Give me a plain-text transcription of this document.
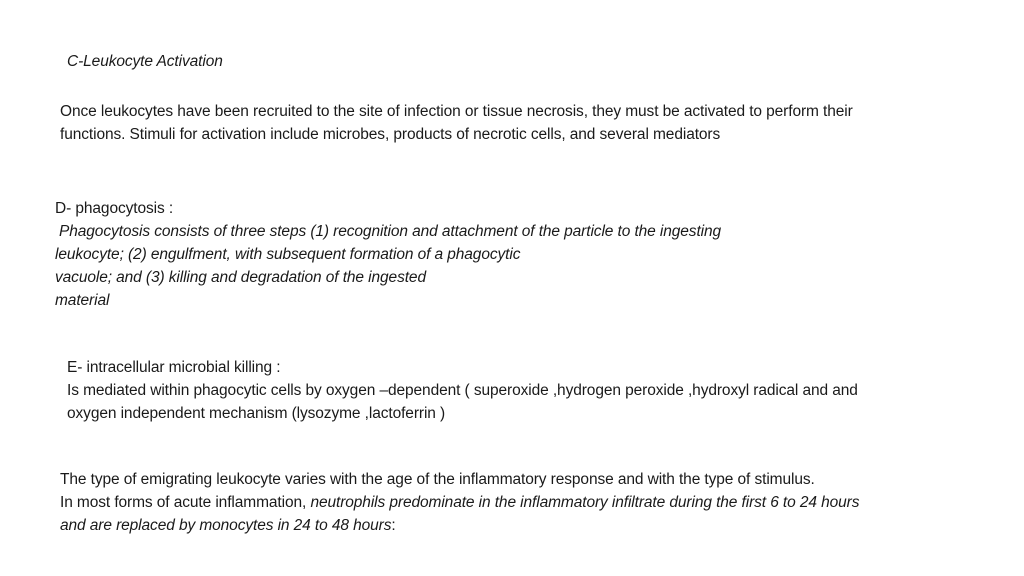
C-Leukocyte Activation
Once leukocytes have been recruited to the site of infection or tissue necrosis, they must be activated to perform their
functions. Stimuli for activation include microbes, products of necrotic cells, and several mediators
D- phagocytosis :
Phagocytosis consists of three steps (1) recognition and attachment of the particle to the ingesting
leukocyte; (2) engulfment, with subsequent formation of a phagocytic
vacuole; and (3) killing and degradation of the ingested
material
E- intracellular microbial killing :
Is mediated within phagocytic cells by oxygen –dependent ( superoxide ,hydrogen peroxide ,hydroxyl radical and and
oxygen independent mechanism (lysozyme ,lactoferrin )
The type of emigrating leukocyte varies with the age of the inflammatory response and with the type of stimulus.
In most forms of acute inflammation, neutrophils predominate in the inflammatory infiltrate during the first 6 to 24 hours
and are replaced by monocytes in 24 to 48 hours:
